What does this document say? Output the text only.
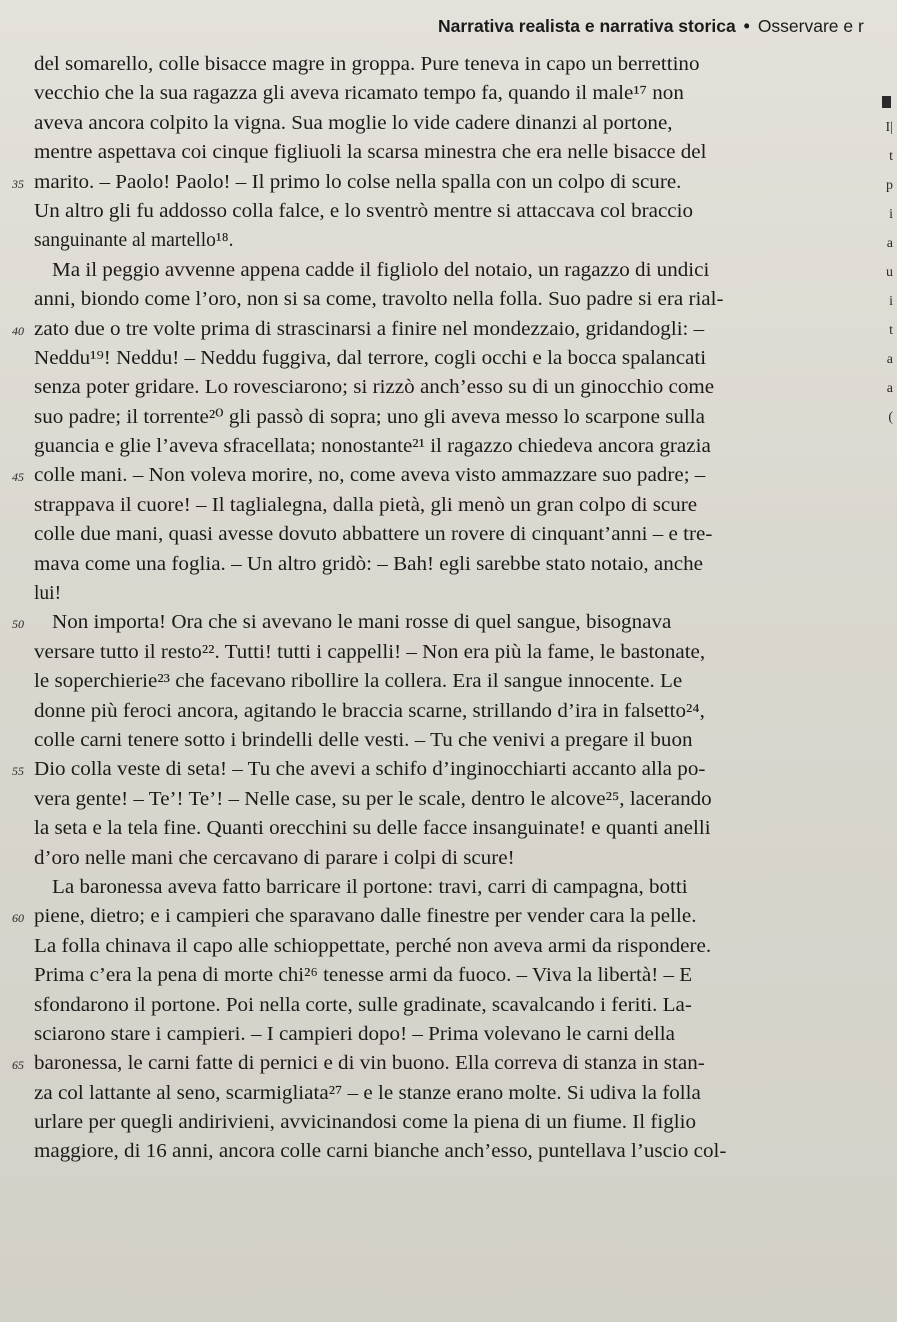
Narrativa realista e narrativa storica • Osservare e r
del somarello, colle bisacce magre in groppa. Pure teneva in capo un berrettino
vecchio che la sua ragazza gli aveva ricamato tempo fa, quando il male¹⁷ non
aveva ancora colpito la vigna. Sua moglie lo vide cadere dinanzi al portone,
mentre aspettava coi cinque figliuoli la scarsa minestra che era nelle bisacce del
35 marito. – Paolo! Paolo! – Il primo lo colse nella spalla con un colpo di scure.
Un altro gli fu addosso colla falce, e lo sventrò mentre si attaccava col braccio
sanguinante al martello¹⁸.
Ma il peggio avvenne appena cadde il figliolo del notaio, un ragazzo di undici
anni, biondo come l’oro, non si sa come, travolto nella folla. Suo padre si era rial-
40 zato due o tre volte prima di strascinarsi a finire nel mondezzaio, gridandogli: –
Neddu¹⁹! Neddu! – Neddu fuggiva, dal terrore, cogli occhi e la bocca spalancati
senza poter gridare. Lo rovesciarono; si rizzò anch’esso su di un ginocchio come
suo padre; il torrente²⁰ gli passò di sopra; uno gli aveva messo lo scarpone sulla
guancia e glie l’aveva sfracellata; nonostante²¹ il ragazzo chiedeva ancora grazia
45 colle mani. – Non voleva morire, no, come aveva visto ammazzare suo padre; –
strappava il cuore! – Il taglialegna, dalla pietà, gli menò un gran colpo di scure
colle due mani, quasi avesse dovuto abbattere un rovere di cinquant’anni – e tre-
mava come una foglia. – Un altro gridò: – Bah! egli sarebbe stato notaio, anche
lui!
50 Non importa! Ora che si avevano le mani rosse di quel sangue, bisognava
versare tutto il resto²². Tutti! tutti i cappelli! – Non era più la fame, le bastonate,
le soperchierie²³ che facevano ribollire la collera. Era il sangue innocente. Le
donne più feroci ancora, agitando le braccia scarne, strillando d’ira in falsetto²⁴,
colle carni tenere sotto i brindelli delle vesti. – Tu che venivi a pregare il buon
55 Dio colla veste di seta! – Tu che avevi a schifo d’inginocchiarti accanto alla po-
vera gente! – Te’! Te’! – Nelle case, su per le scale, dentro le alcove²⁵, lacerando
la seta e la tela fine. Quanti orecchini su delle facce insanguinate! e quanti anelli
d’oro nelle mani che cercavano di parare i colpi di scure!
La baronessa aveva fatto barricare il portone: travi, carri di campagna, botti
60 piene, dietro; e i campieri che sparavano dalle finestre per vender cara la pelle.
La folla chinava il capo alle schioppettate, perché non aveva armi da rispondere.
Prima c’era la pena di morte chi²⁶ tenesse armi da fuoco. – Viva la libertà! – E
sfondarono il portone. Poi nella corte, sulle gradinate, scavalcando i feriti. La-
sciarono stare i campieri. – I campieri dopo! – Prima volevano le carni della
65 baronessa, le carni fatte di pernici e di vin buono. Ella correva di stanza in stan-
za col lattante al seno, scarmigliata²⁷ – e le stanze erano molte. Si udiva la folla
urlare per quegli andirivieni, avvicinandosi come la piena di un fiume. Il figlio
maggiore, di 16 anni, ancora colle carni bianche anch’esso, puntellava l’uscio col-
I|
t
p
i
a
u
i
t
a
a
(
